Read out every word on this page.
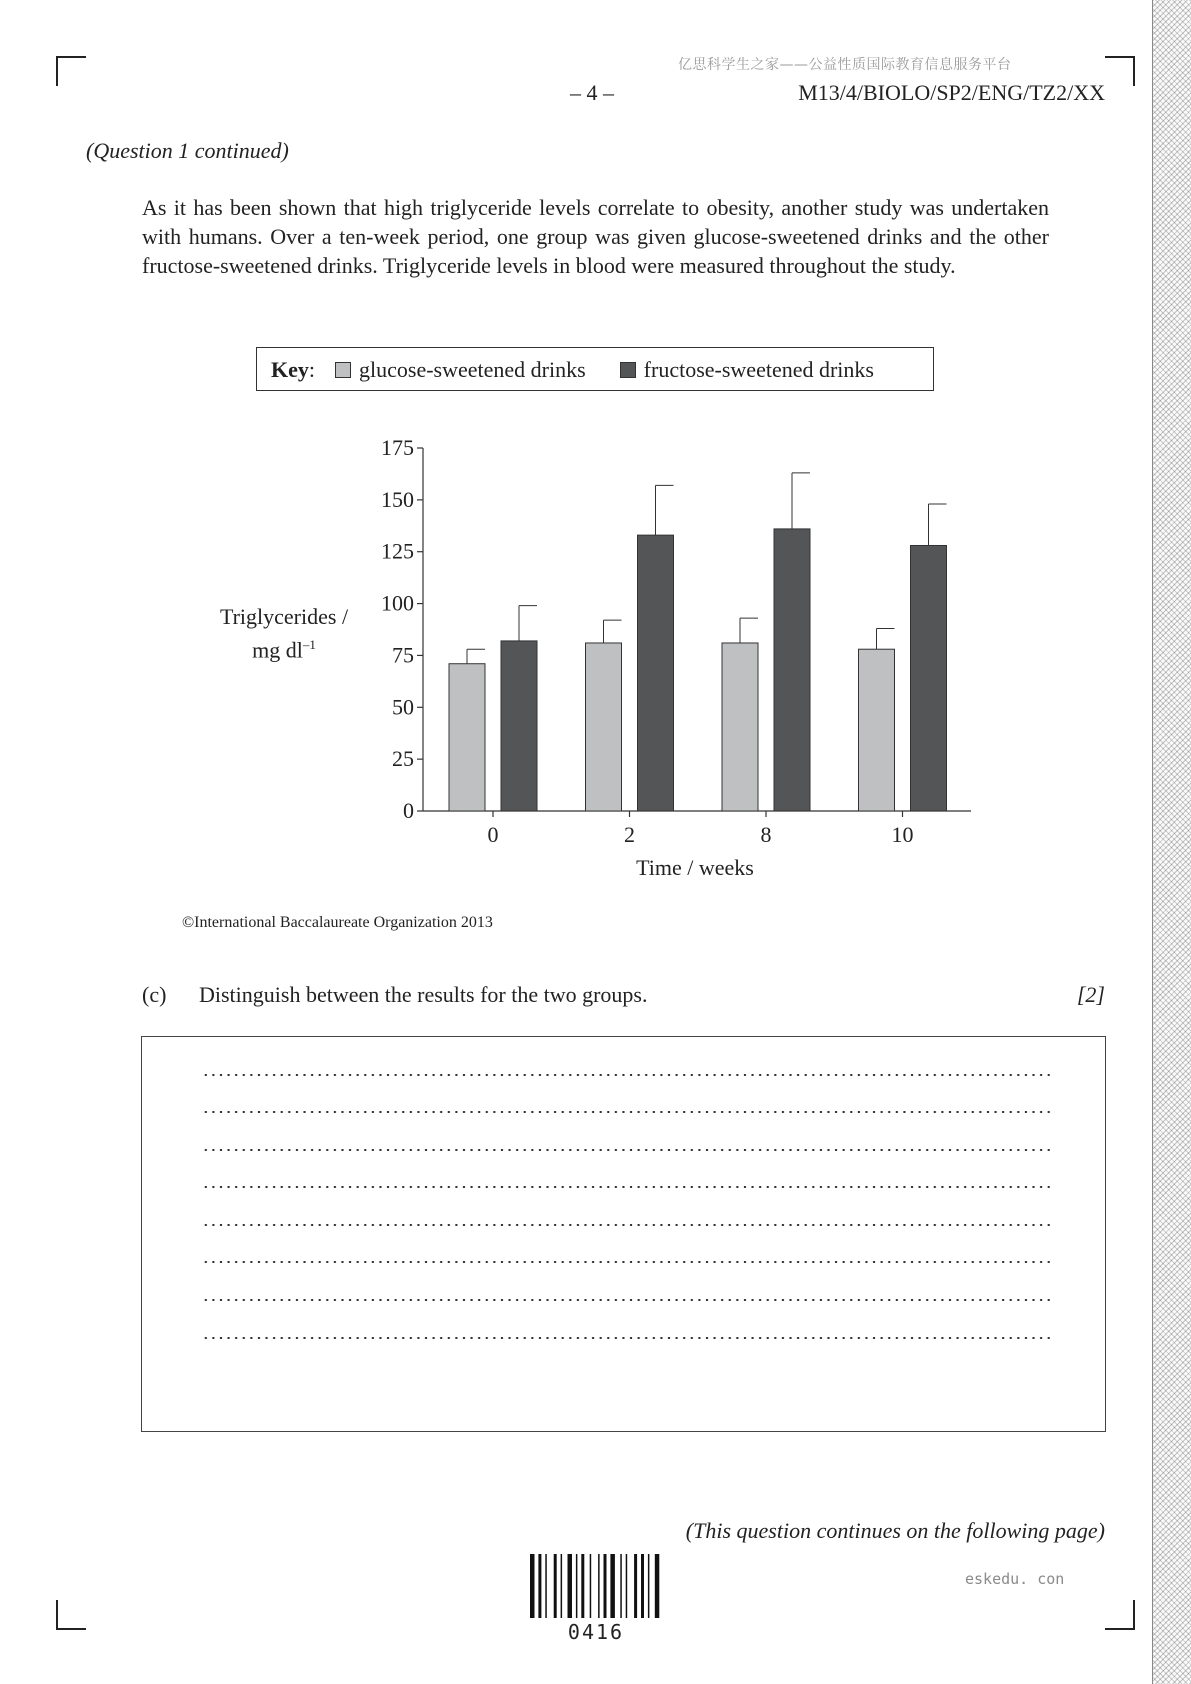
亿思科学生之家——公益性质国际教育信息服务平台
– 4 –	M13/4/BIOLO/SP2/ENG/TZ2/XX
(Question 1 continued)
As it has been shown that high triglyceride levels correlate to obesity, another study was undertaken with humans. Over a ten-week period, one group was given glucose-sweetened drinks and the other fructose-sweetened drinks. Triglyceride levels in blood were measured throughout the study.
Key : glucose-sweetened drinks	fructose-sweetened drinks
Triglycerides /
mg $dl^{-1}$
0
25
50
75
100
125
150
175
0	2	8	10
Time / weeks
©International Baccalaureate Organization 2013
(c) Distinguish between the results for the two groups.	[2]
(This question continues on the following page)
0416
eskedu. con
